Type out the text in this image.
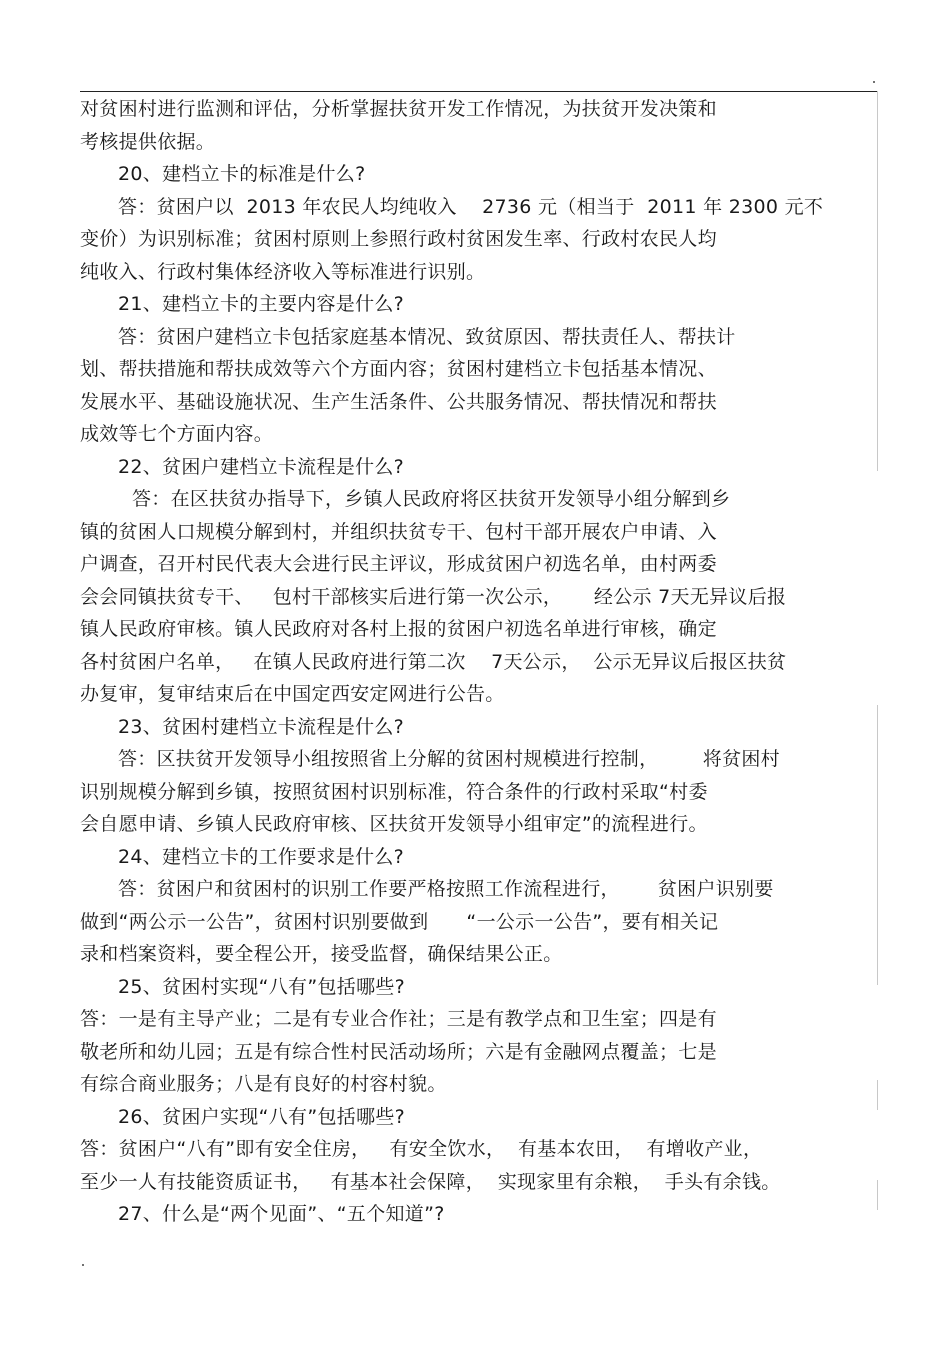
对贫困村进行监测和评估，分析掌握扶贫开发工作情况，为扶贫开发决策和
考核提供依据。
20、建档立卡的标准是什么?
答：贫困户以  2013 年农民人均纯收入    2736 元（相当于  2011 年 2300 元不
变价）为识别标准；贫困村原则上参照行政村贫困发生率、行政村农民人均
纯收入、行政村集体经济收入等标准进行识别。
21、建档立卡的主要内容是什么?
答：贫困户建档立卡包括家庭基本情况、致贫原因、帮扶责任人、帮扶计
划、帮扶措施和帮扶成效等六个方面内容；贫困村建档立卡包括基本情况、
发展水平、基础设施状况、生产生活条件、公共服务情况、帮扶情况和帮扶
成效等七个方面内容。
22、贫困户建档立卡流程是什么?
答：在区扶贫办指导下，乡镇人民政府将区扶贫开发领导小组分解到乡
镇的贫困人口规模分解到村，并组织扶贫专干、包村干部开展农户申请、入
户调查，召开村民代表大会进行民主评议，形成贫困户初选名单，由村两委
会会同镇扶贫专干、   包村干部核实后进行第一次公示，     经公示 7天无异议后报
镇人民政府审核。镇人民政府对各村上报的贫困户初选名单进行审核，确定
各村贫困户名单，   在镇人民政府进行第二次    7天公示，  公示无异议后报区扶贫
办复审，复审结束后在中国定西安定网进行公告。
23、贫困村建档立卡流程是什么?
答：区扶贫开发领导小组按照省上分解的贫困村规模进行控制，       将贫困村
识别规模分解到乡镇，按照贫困村识别标准，符合条件的行政村采取“村委
会自愿申请、乡镇人民政府审核、区扶贫开发领导小组审定”的流程进行。
24、建档立卡的工作要求是什么?
答：贫困户和贫困村的识别工作要严格按照工作流程进行，      贫困户识别要
做到“两公示一公告”，贫困村识别要做到      “一公示一公告”，要有相关记
录和档案资料，要全程公开，接受监督，确保结果公正。
25、贫困村实现“八有”包括哪些?
答：一是有主导产业；二是有专业合作社；三是有教学点和卫生室；四是有
敬老所和幼儿园；五是有综合性村民活动场所；六是有金融网点覆盖；七是
有综合商业服务；八是有良好的村容村貌。
26、贫困户实现“八有”包括哪些?
答：贫困户“八有”即有安全住房，   有安全饮水，  有基本农田，  有增收产业，
至少一人有技能资质证书，   有基本社会保障，  实现家里有余粮，  手头有余钱。
27、什么是“两个见面”、“五个知道”?
